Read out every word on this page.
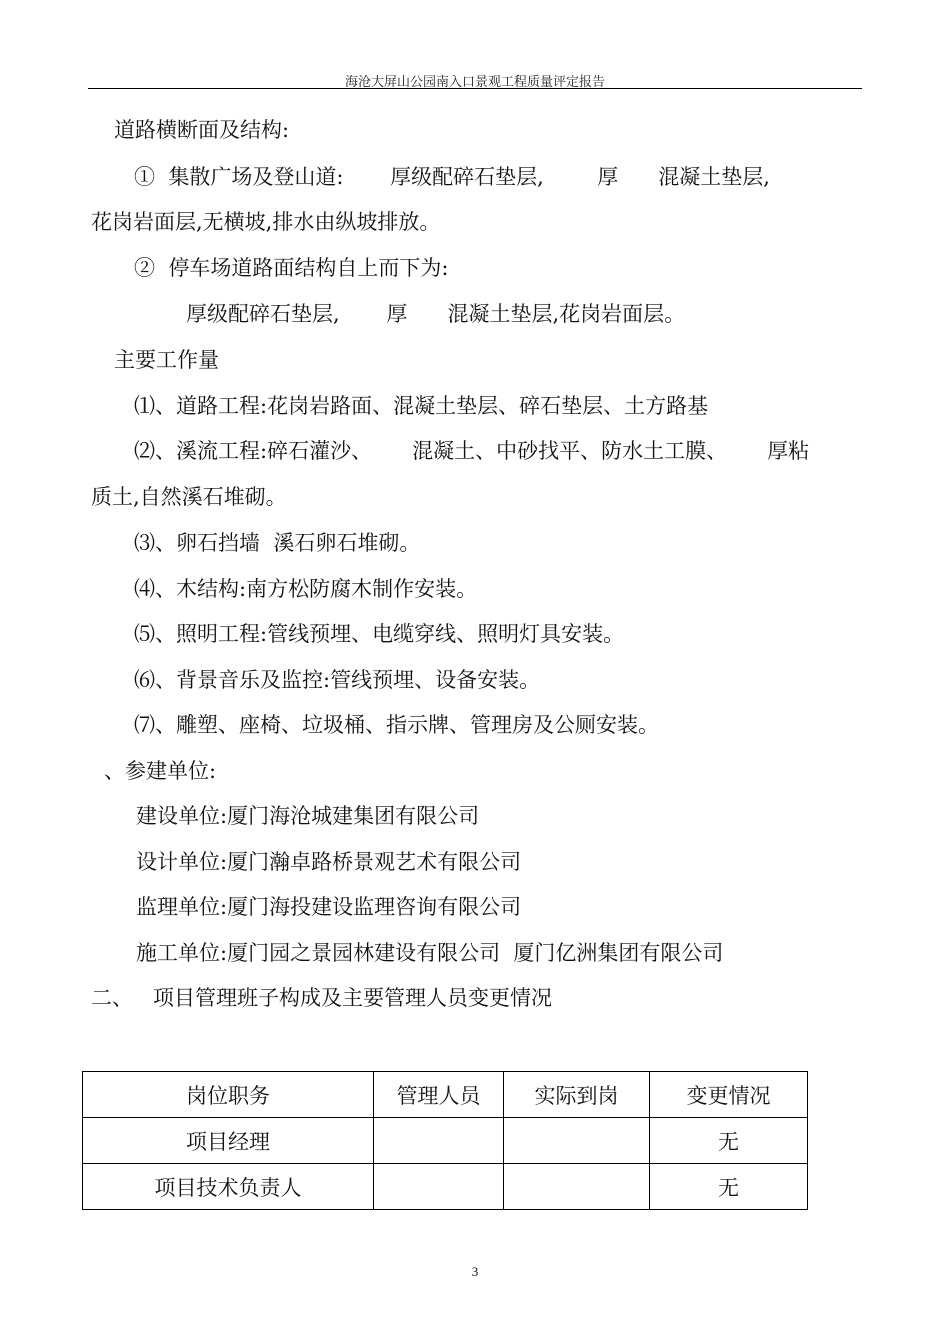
海沧大屏山公园南入口景观工程质量评定报告
道路横断面及结构:
①  集散广场及登山道:       厚级配碎石垫层,        厚      混凝土垫层,
花岗岩面层,无横坡,排水由纵坡排放。
②  停车场道路面结构自上而下为:
厚级配碎石垫层,       厚      混凝土垫层,花岗岩面层。
主要工作量
⑴、道路工程:花岗岩路面、混凝土垫层、碎石垫层、土方路基
⑵、溪流工程:碎石灌沙、      混凝土、中砂找平、防水土工膜、      厚粘
质土,自然溪石堆砌。
⑶、卵石挡墙  溪石卵石堆砌。
⑷、木结构:南方松防腐木制作安装。
⑸、照明工程:管线预埋、电缆穿线、照明灯具安装。
⑹、背景音乐及监控:管线预埋、设备安装。
⑺、雕塑、座椅、垃圾桶、指示牌、管理房及公厕安装。
、参建单位:
建设单位:厦门海沧城建集团有限公司
设计单位:厦门瀚卓路桥景观艺术有限公司
监理单位:厦门海投建设监理咨询有限公司
施工单位:厦门园之景园林建设有限公司  厦门亿洲集团有限公司
二、   项目管理班子构成及主要管理人员变更情况
岗位职务	管理人员	实际到岗	变更情况
项目经理			无
项目技术负责人			无
3
